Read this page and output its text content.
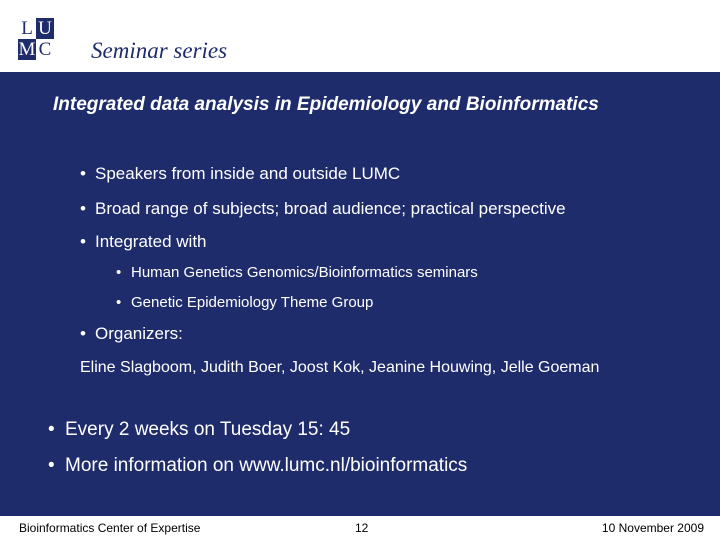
L U
M C Seminar series
Integrated data analysis in Epidemiology and Bioinformatics
• Speakers from inside and outside LUMC
• Broad range of subjects; broad audience; practical perspective
• Integrated with
• Human Genetics Genomics/Bioinformatics seminars
• Genetic Epidemiology Theme Group
• Organizers:
Eline Slagboom, Judith Boer, Joost Kok, Jeanine Houwing, Jelle Goeman
• Every 2 weeks on Tuesday 15: 45
• More information on www.lumc.nl/bioinformatics
Bioinformatics Center of Expertise	12	10 November 2009
